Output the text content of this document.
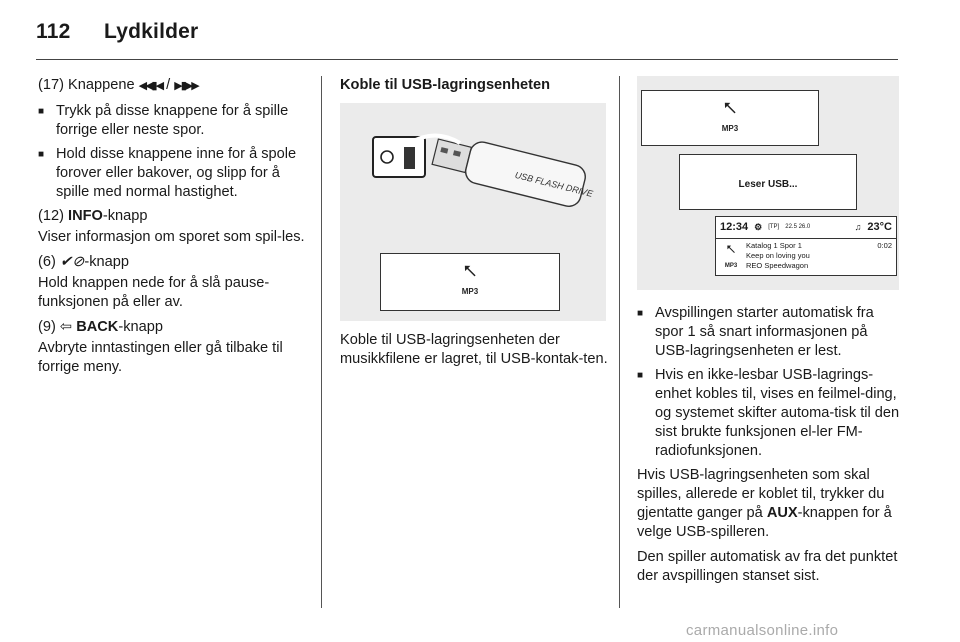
112 Lydkilder

(17) Knappene ◀◀▮◀ / ▶▮▶▶

■ Trykk på disse knappene for å spille forrige eller neste spor.
■ Hold disse knappene inne for å spole forover eller bakover, og slipp for å spille med normal hastighet.

(12) INFO-knapp

Viser informasjon om sporet som spil-les.

(6) ✔⊘-knapp

Hold knappen nede for å slå pause-funksjonen på eller av.

(9) ⇦ BACK-knapp

Avbryte inntastingen eller gå tilbake til forrige meny.

Koble til USB-lagringsenheten
USB FLASH DRIVE
⭦
MP3

Koble til USB-lagringsenheten der musikkfilene er lagret, til USB-kontak-ten.

⭦
MP3
Leser USB...
12:34 ⚙ [TP] 22.5 26.0	♫ 23°C
⭦
MP3
Katalog 1 Spor 1	0:02
Keep on loving you
REO Speedwagon
■ Avspillingen starter automatisk fra spor 1 så snart informasjonen på USB-lagringsenheten er lest.
■ Hvis en ikke-lesbar USB-lagrings-enhet kobles til, vises en feilmel-ding, og systemet skifter automa-tisk til den sist brukte funksjonen el-ler FM-radiofunksjonen.

Hvis USB-lagringsenheten som skal spilles, allerede er koblet til, trykker du gjentatte ganger på AUX-knappen for å velge USB-spilleren.

Den spiller automatisk av fra det punktet der avspillingen stanset sist.

carmanualsonline.info
